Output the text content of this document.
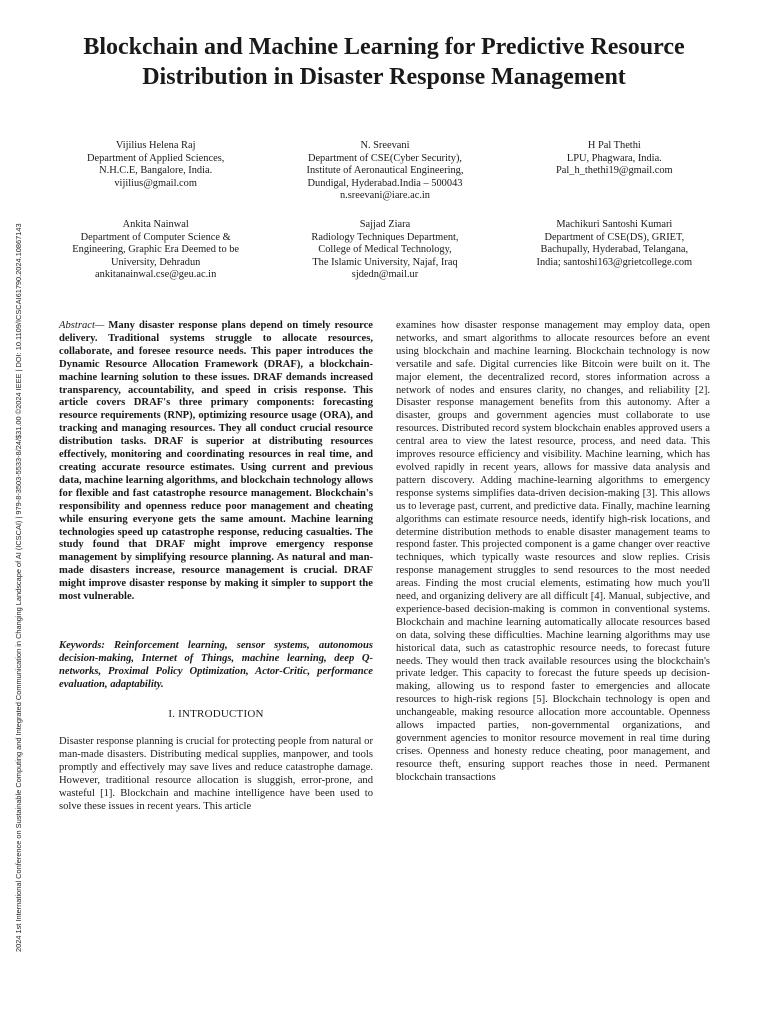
2024 1st International Conference on Sustainable Computing and Integrated Communication in Changing Landscape of AI (ICSCAI) | 979-8-3503-5533-8/24/$31.00 ©2024 IEEE | DOI: 10.1109/ICSCAI61790.2024.10867143
Blockchain and Machine Learning for Predictive Resource Distribution in Disaster Response Management
Vijilius Helena Raj
Department of Applied Sciences,
N.H.C.E, Bangalore, India.
vijilius@gmail.com
N. Sreevani
Department of CSE(Cyber Security),
Institute of Aeronautical Engineering,
Dundigal, Hyderabad.India – 500043
n.sreevani@iare.ac.in
H Pal Thethi
LPU, Phagwara, India.
Pal_h_thethi19@gmail.com
Ankita Nainwal
Department of Computer Science &
Engineering, Graphic Era Deemed to be
University, Dehradun
ankitanainwal.cse@geu.ac.in
Sajjad Ziara
Radiology Techniques Department,
College of Medical Technology,
The Islamic University, Najaf, Iraq
sjdedn@mail.ur
Machikuri Santoshi Kumari
Department of CSE(DS), GRIET,
Bachupally, Hyderabad, Telangana,
India; santoshi163@grietcollege.com

Abstract— Many disaster response plans depend on timely resource delivery. Traditional systems struggle to allocate resources, collaborate, and foresee resource needs. This paper introduces the Dynamic Resource Allocation Framework (DRAF), a blockchain-machine learning solution to these issues. DRAF demands increased transparency, accountability, and speed in crisis response. This article covers DRAF's three primary components: forecasting resource requirements (RNP), optimizing resource usage (ORA), and tracking and managing resources. They all conduct crucial resource distribution tasks. DRAF is superior at distributing resources effectively, monitoring and coordinating resources in real time, and creating accurate resource estimates. Using current and previous data, machine learning algorithms, and blockchain technology allows for flexible and fast catastrophe resource management. Blockchain's responsibility and openness reduce poor management and cheating while ensuring everyone gets the same amount. Machine learning technologies speed up catastrophe response, reducing casualties. The study found that DRAF might improve emergency response management by simplifying resource planning. As natural and man-made disasters increase, resource management is crucial. DRAF might improve disaster response by making it simpler to support the most vulnerable.

Keywords: Reinforcement learning, sensor systems, autonomous decision-making, Internet of Things, machine learning, deep Q-networks, Proximal Policy Optimization, Actor-Critic, performance evaluation, adaptability.

I. INTRODUCTION

Disaster response planning is crucial for protecting people from natural or man-made disasters. Distributing medical supplies, manpower, and tools promptly and effectively may save lives and reduce catastrophe damage. However, traditional resource allocation is sluggish, error-prone, and wasteful [1]. Blockchain and machine intelligence have been used to solve these issues in recent years. This article

examines how disaster response management may employ data, open networks, and smart algorithms to allocate resources before an event using blockchain and machine learning. Blockchain technology is now versatile and safe. Digital currencies like Bitcoin were built on it. The major element, the decentralized record, stores information across a network of nodes and ensures clarity, no changes, and reliability [2]. Disaster response management benefits from this autonomy. After a disaster, groups and government agencies must collaborate to use resources. Distributed record system blockchain enables approved users a central area to view the latest resource, process, and need data. This improves resource efficiency and visibility. Machine learning, which has evolved rapidly in recent years, allows for massive data analysis and pattern discovery. Adding machine-learning algorithms to emergency response systems simplifies data-driven decision-making [3]. This allows us to leverage past, current, and predictive data. Finally, machine learning algorithms can estimate resource needs, identify high-risk locations, and determine distribution methods to enable disaster management teams to respond faster. This projected component is a game changer over reactive techniques, which typically waste resources and slow replies. Crisis response management struggles to send resources to the most needed areas. Finding the most crucial elements, estimating how much you'll need, and organizing delivery are all difficult [4]. Manual, subjective, and experience-based decision-making is common in conventional systems. Blockchain and machine learning automatically allocate resources based on data, solving these difficulties. Machine learning algorithms may use historical data, such as catastrophic resource needs, to forecast future needs. They would then track available resources using the blockchain's private ledger. This capacity to forecast the future speeds up decision-making, allowing us to respond faster to emergencies and allocate resources to high-risk regions [5]. Blockchain technology is open and unchangeable, making resource allocation more accountable. Openness allows impacted parties, non-governmental organizations, and government agencies to monitor resource movement in real time during crises. Openness and honesty reduce cheating, poor management, and resource theft, ensuring support reaches those in need. Permanent blockchain transactions
